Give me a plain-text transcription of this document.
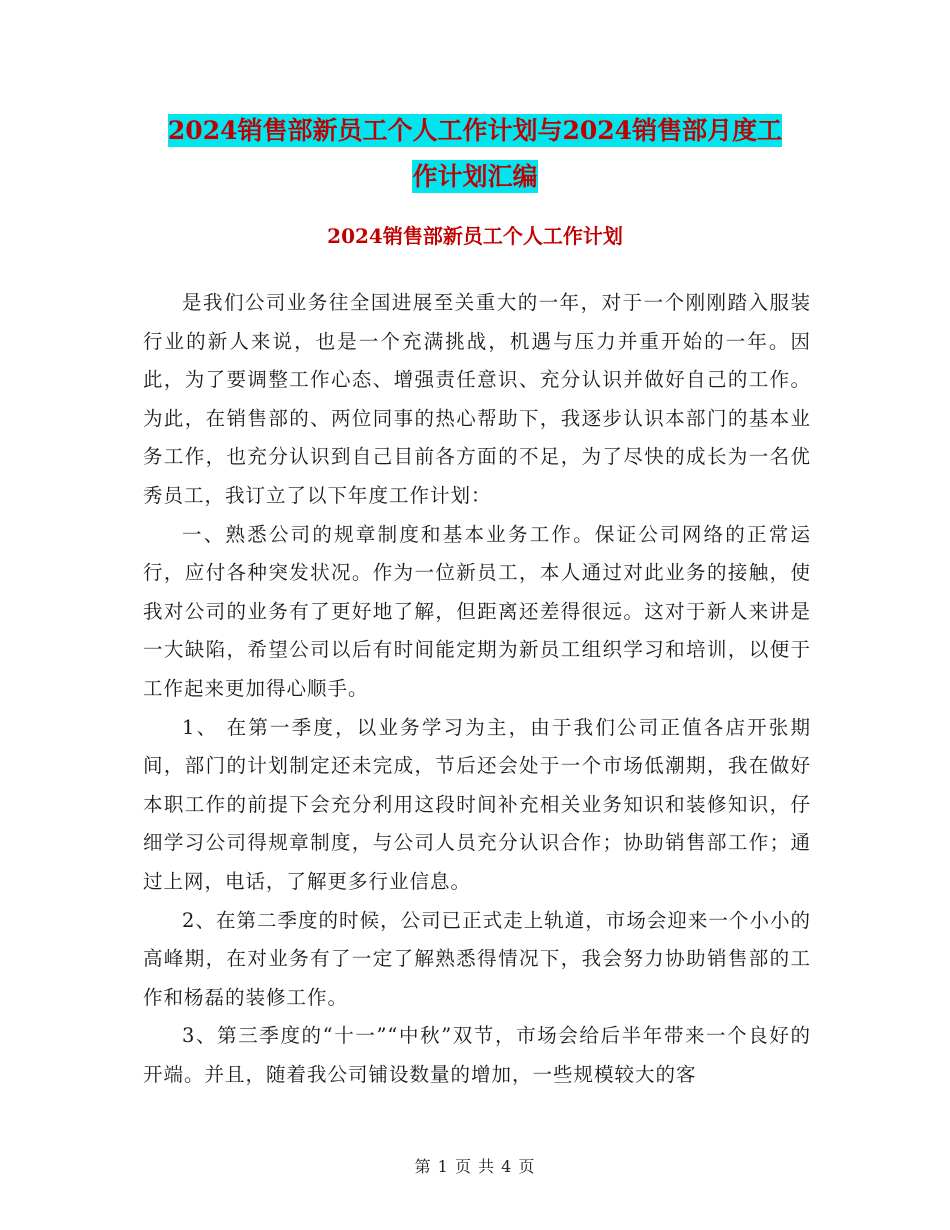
2024销售部新员工个人工作计划与2024销售部月度工
作计划汇编
2024销售部新员工个人工作计划

是我们公司业务往全国进展至关重大的一年，对于一个刚刚踏入服装行业的新人来说，也是一个充满挑战，机遇与压力并重开始的一年。因此，为了要调整工作心态、增强责任意识、充分认识并做好自己的工作。为此，在销售部的、两位同事的热心帮助下，我逐步认识本部门的基本业务工作，也充分认识到自己目前各方面的不足，为了尽快的成长为一名优秀员工，我订立了以下年度工作计划：

一、熟悉公司的规章制度和基本业务工作。保证公司网络的正常运行，应付各种突发状况。作为一位新员工，本人通过对此业务的接触，使我对公司的业务有了更好地了解，但距离还差得很远。这对于新人来讲是一大缺陷，希望公司以后有时间能定期为新员工组织学习和培训，以便于工作起来更加得心顺手。

1、 在第一季度，以业务学习为主，由于我们公司正值各店开张期间，部门的计划制定还未完成，节后还会处于一个市场低潮期，我在做好本职工作的前提下会充分利用这段时间补充相关业务知识和装修知识，仔细学习公司得规章制度，与公司人员充分认识合作；协助销售部工作；通过上网，电话，了解更多行业信息。

2、在第二季度的时候，公司已正式走上轨道，市场会迎来一个小小的高峰期，在对业务有了一定了解熟悉得情况下，我会努力协助销售部的工作和杨磊的装修工作。

3、第三季度的“十一”“中秋”双节，市场会给后半年带来一个良好的开端。并且，随着我公司铺设数量的增加，一些规模较大的客

第 1 页 共 4 页
